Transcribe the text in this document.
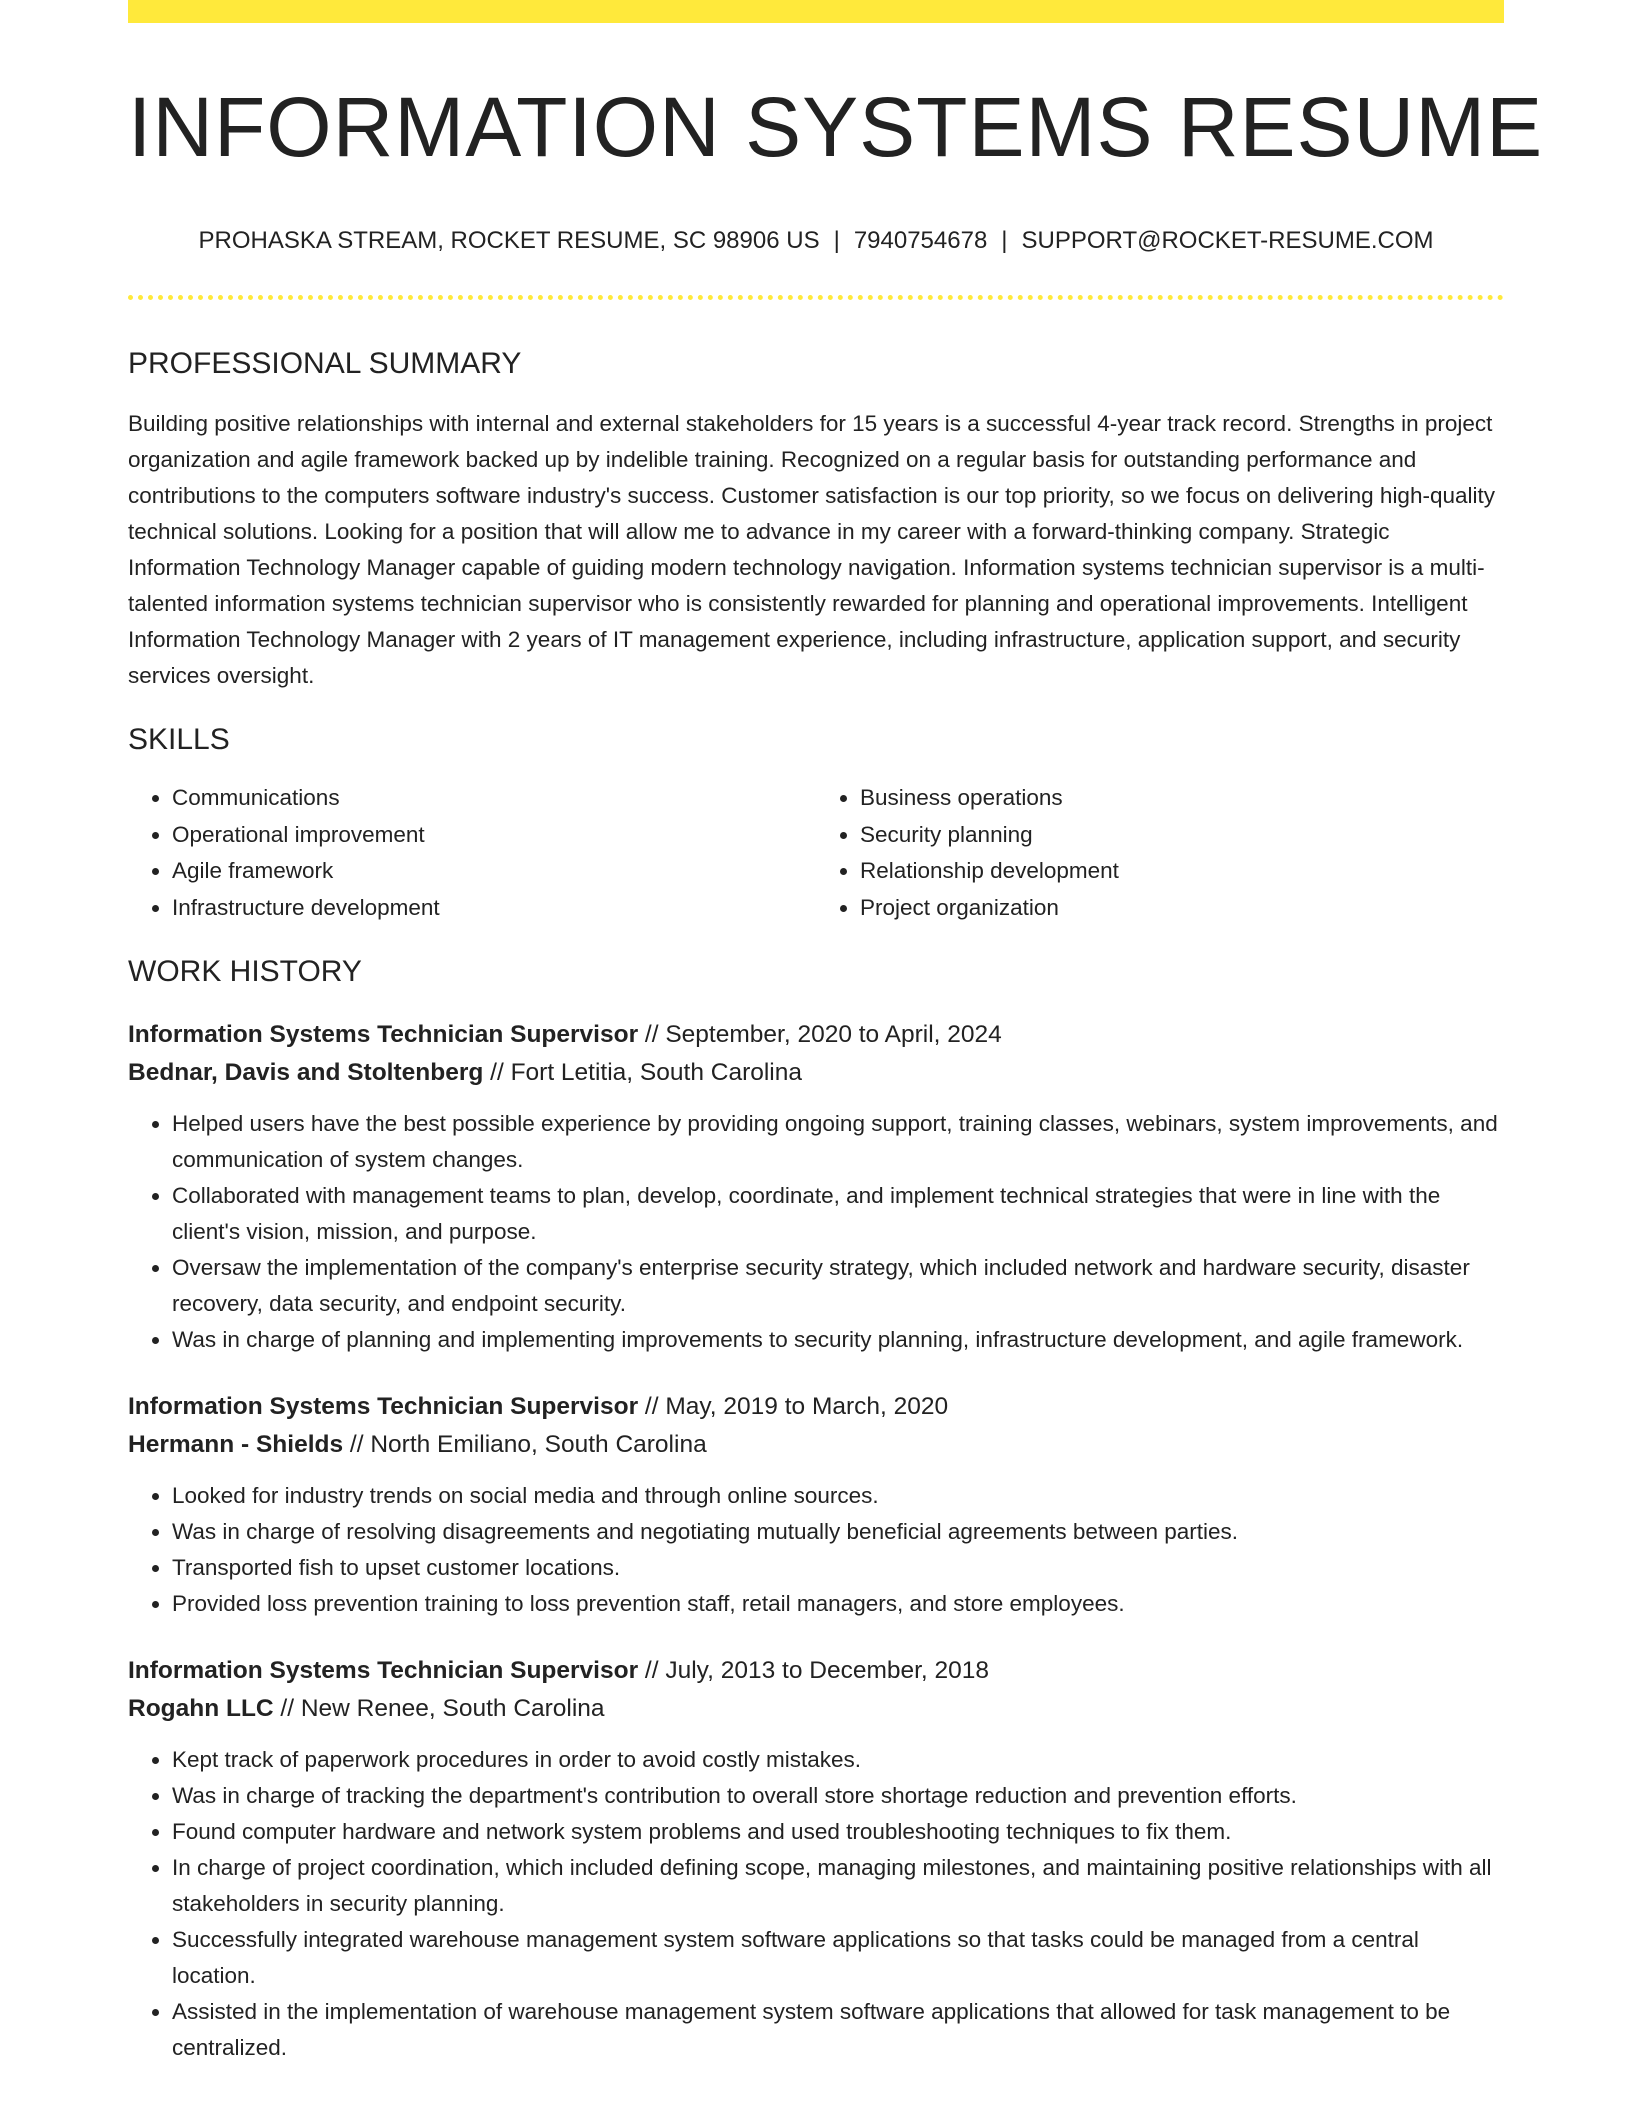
INFORMATION SYSTEMS RESUME
PROHASKA STREAM, ROCKET RESUME, SC 98906 US | 7940754678 | SUPPORT@ROCKET-RESUME.COM
PROFESSIONAL SUMMARY

Building positive relationships with internal and external stakeholders for 15 years is a successful 4-year track record. Strengths in project organization and agile framework backed up by indelible training. Recognized on a regular basis for outstanding performance and contributions to the computers software industry's success. Customer satisfaction is our top priority, so we focus on delivering high-quality technical solutions. Looking for a position that will allow me to advance in my career with a forward-thinking company. Strategic Information Technology Manager capable of guiding modern technology navigation. Information systems technician supervisor is a multi-talented information systems technician supervisor who is consistently rewarded for planning and operational improvements. Intelligent Information Technology Manager with 2 years of IT management experience, including infrastructure, application support, and security services oversight.

SKILLS
• Communications
• Operational improvement
• Agile framework
• Infrastructure development
• Business operations
• Security planning
• Relationship development
• Project organization
WORK HISTORY
Information Systems Technician Supervisor // September, 2020 to April, 2024
Bednar, Davis and Stoltenberg // Fort Letitia, South Carolina
• Helped users have the best possible experience by providing ongoing support, training classes, webinars, system improvements, and communication of system changes.
• Collaborated with management teams to plan, develop, coordinate, and implement technical strategies that were in line with the client's vision, mission, and purpose.
• Oversaw the implementation of the company's enterprise security strategy, which included network and hardware security, disaster recovery, data security, and endpoint security.
• Was in charge of planning and implementing improvements to security planning, infrastructure development, and agile framework.
Information Systems Technician Supervisor // May, 2019 to March, 2020
Hermann - Shields // North Emiliano, South Carolina
• Looked for industry trends on social media and through online sources.
• Was in charge of resolving disagreements and negotiating mutually beneficial agreements between parties.
• Transported fish to upset customer locations.
• Provided loss prevention training to loss prevention staff, retail managers, and store employees.
Information Systems Technician Supervisor // July, 2013 to December, 2018
Rogahn LLC // New Renee, South Carolina
• Kept track of paperwork procedures in order to avoid costly mistakes.
• Was in charge of tracking the department's contribution to overall store shortage reduction and prevention efforts.
• Found computer hardware and network system problems and used troubleshooting techniques to fix them.
• In charge of project coordination, which included defining scope, managing milestones, and maintaining positive relationships with all stakeholders in security planning.
• Successfully integrated warehouse management system software applications so that tasks could be managed from a central location.
• Assisted in the implementation of warehouse management system software applications that allowed for task management to be centralized.
